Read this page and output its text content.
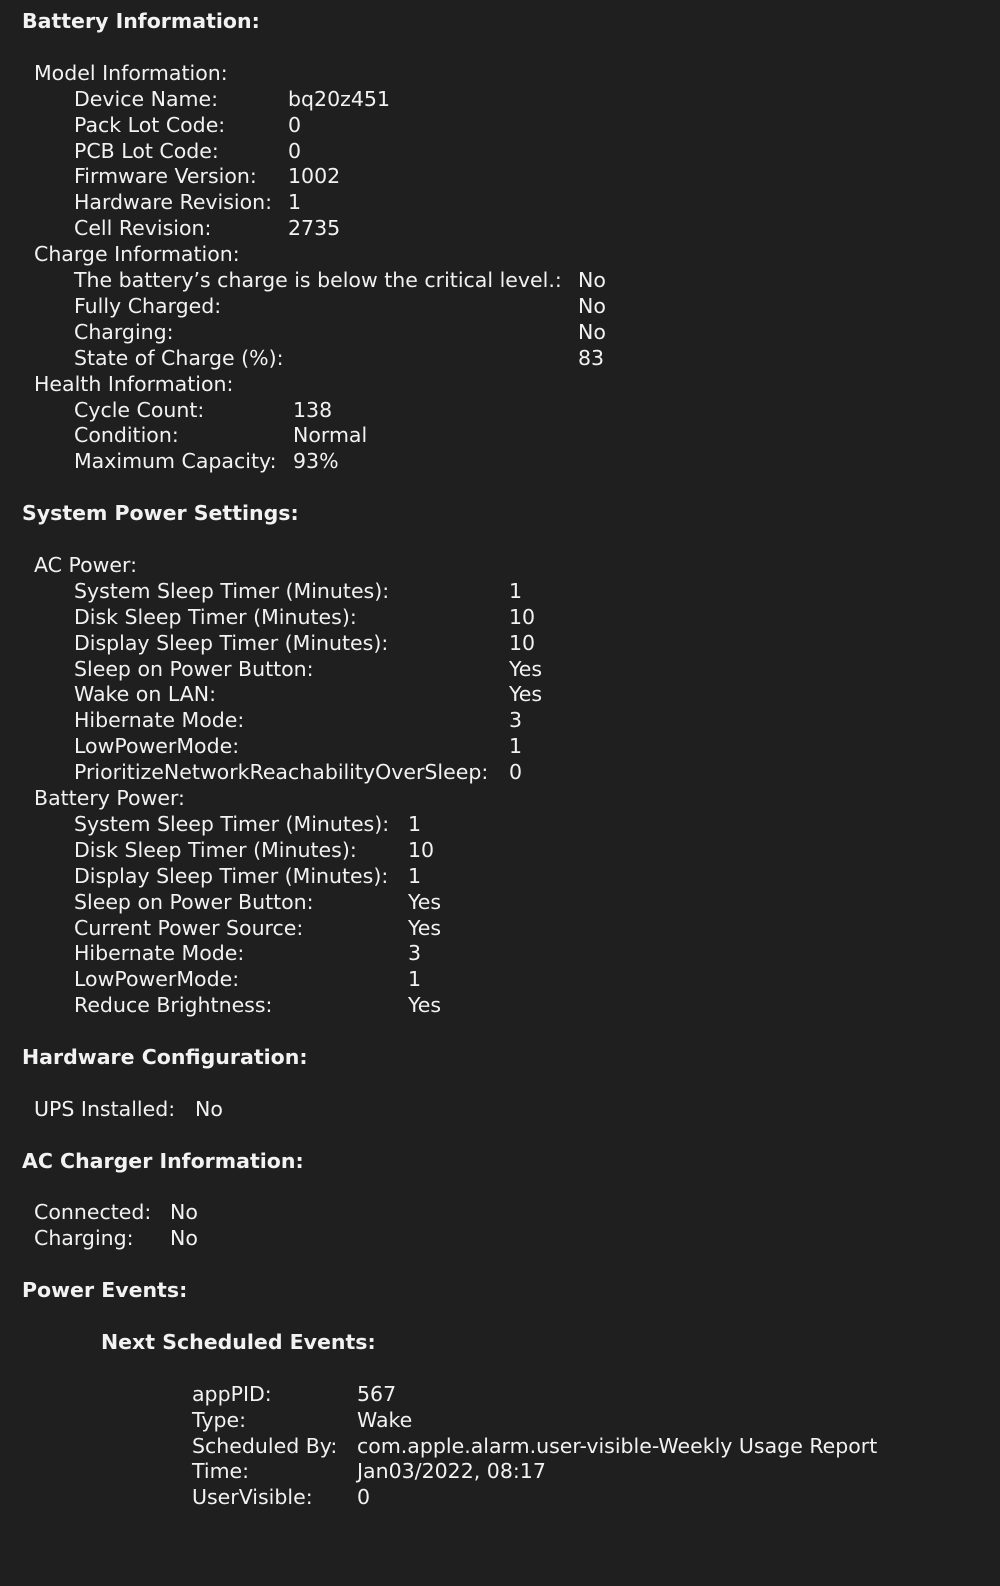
Battery Information:
Model Information:
Device Name:	bq20z451
Pack Lot Code:	0
PCB Lot Code:	0
Firmware Version: 1002
Hardware Revision: 1
Cell Revision:	2735
Charge Information:
The battery’s charge is below the critical level.: No
Fully Charged:	No
Charging:	No
State of Charge (%):	83
Health Information:
Cycle Count:	138
Condition:	Normal
Maximum Capacity: 93%
System Power Settings:
AC Power:
System Sleep Timer (Minutes):	1
Disk Sleep Timer (Minutes):	10
Display Sleep Timer (Minutes):	10
Sleep on Power Button:	Yes
Wake on LAN:	Yes
Hibernate Mode:	3
LowPowerMode:	1
PrioritizeNetworkReachabilityOverSleep: 0
Battery Power:
System Sleep Timer (Minutes): 1
Disk Sleep Timer (Minutes):	10
Display Sleep Timer (Minutes): 1
Sleep on Power Button:	Yes
Current Power Source:	Yes
Hibernate Mode:	3
LowPowerMode:	1
Reduce Brightness:	Yes
Hardware Configuration:
UPS Installed: No
AC Charger Information:
Connected: No
Charging: No
Power Events:
Next Scheduled Events:
appPID:	567
Type:	Wake
Scheduled By: com.apple.alarm.user-visible-Weekly Usage Report
Time:	Jan03/2022, 08:17
UserVisible: 0
